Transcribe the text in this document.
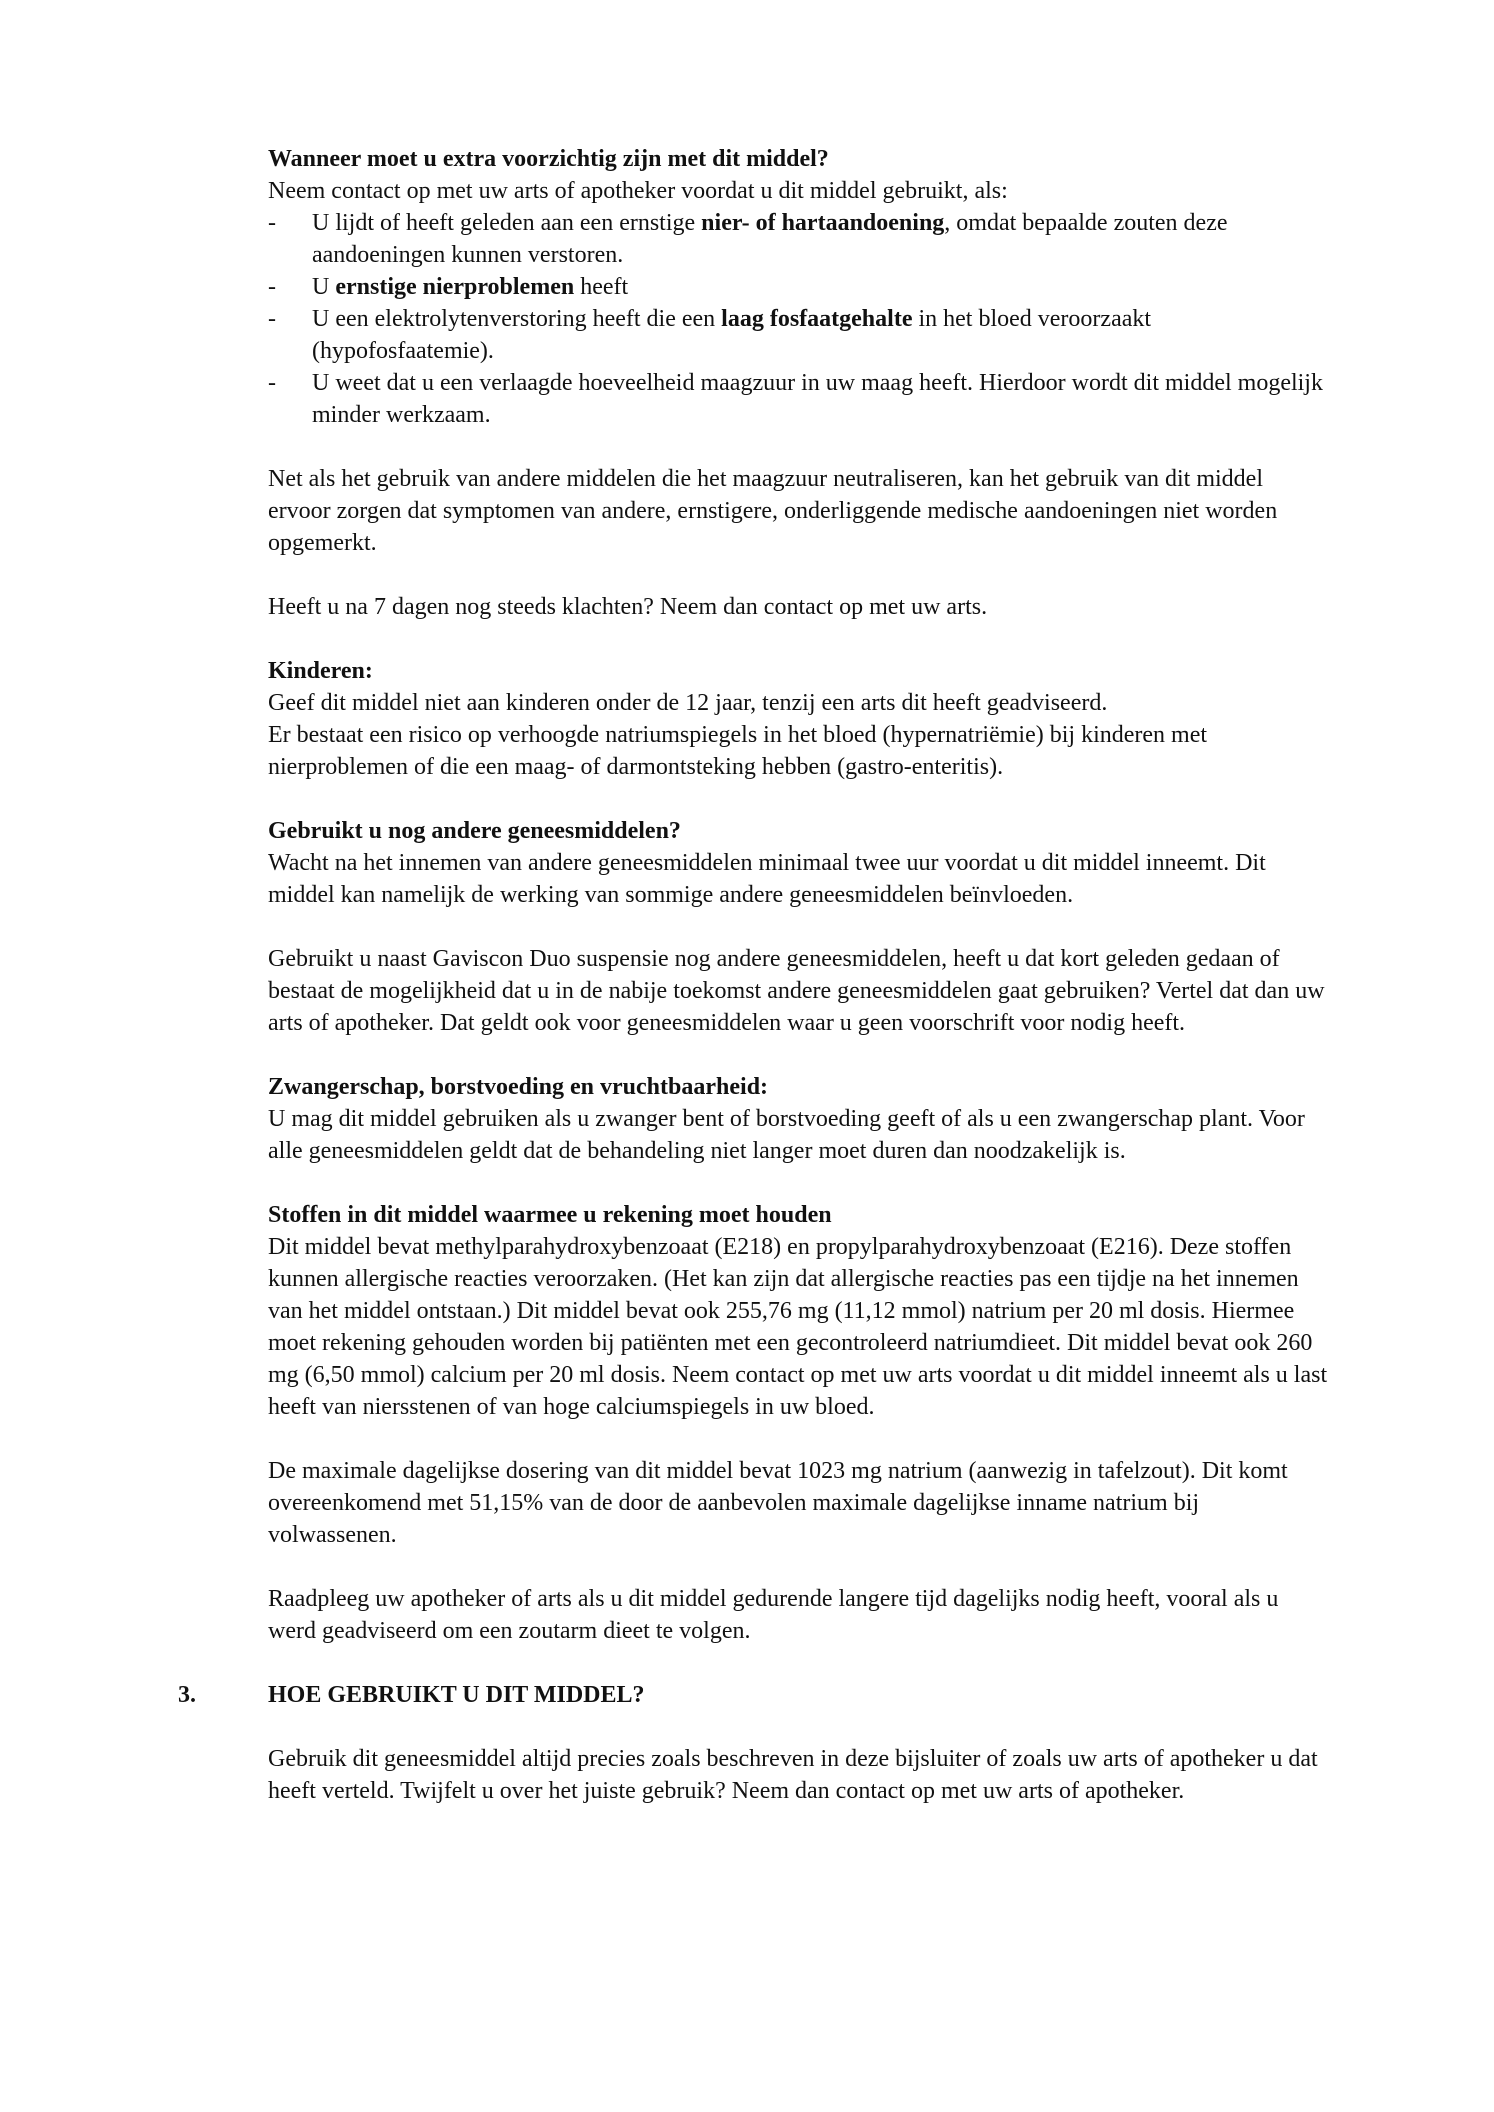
Wanneer moet u extra voorzichtig zijn met dit middel?

Neem contact op met uw arts of apotheker voordat u dit middel gebruikt, als:

- U lijdt of heeft geleden aan een ernstige nier- of hartaandoening, omdat bepaalde zouten deze aandoeningen kunnen verstoren.
- U ernstige nierproblemen heeft
- U een elektrolytenverstoring heeft die een laag fosfaatgehalte in het bloed veroorzaakt (hypofosfaatemie).
- U weet dat u een verlaagde hoeveelheid maagzuur in uw maag heeft. Hierdoor wordt dit middel mogelijk minder werkzaam.

Net als het gebruik van andere middelen die het maagzuur neutraliseren, kan het gebruik van dit middel ervoor zorgen dat symptomen van andere, ernstigere, onderliggende medische aandoeningen niet worden opgemerkt.

Heeft u na 7 dagen nog steeds klachten? Neem dan contact op met uw arts.

Kinderen:

Geef dit middel niet aan kinderen onder de 12 jaar, tenzij een arts dit heeft geadviseerd.

Er bestaat een risico op verhoogde natriumspiegels in het bloed (hypernatriëmie) bij kinderen met nierproblemen of die een maag- of darmontsteking hebben (gastro-enteritis).

Gebruikt u nog andere geneesmiddelen?

Wacht na het innemen van andere geneesmiddelen minimaal twee uur voordat u dit middel inneemt. Dit middel kan namelijk de werking van sommige andere geneesmiddelen beïnvloeden.

Gebruikt u naast Gaviscon Duo suspensie nog andere geneesmiddelen, heeft u dat kort geleden gedaan of bestaat de mogelijkheid dat u in de nabije toekomst andere geneesmiddelen gaat gebruiken? Vertel dat dan uw arts of apotheker. Dat geldt ook voor geneesmiddelen waar u geen voorschrift voor nodig heeft.

Zwangerschap, borstvoeding en vruchtbaarheid:

U mag dit middel gebruiken als u zwanger bent of borstvoeding geeft of als u een zwangerschap plant. Voor alle geneesmiddelen geldt dat de behandeling niet langer moet duren dan noodzakelijk is.

Stoffen in dit middel waarmee u rekening moet houden

Dit middel bevat methylparahydroxybenzoaat (E218) en propylparahydroxybenzoaat (E216). Deze stoffen kunnen allergische reacties veroorzaken. (Het kan zijn dat allergische reacties pas een tijdje na het innemen van het middel ontstaan.) Dit middel bevat ook 255,76 mg (11,12 mmol) natrium per 20 ml dosis. Hiermee moet rekening gehouden worden bij patiënten met een gecontroleerd natriumdieet. Dit middel bevat ook 260 mg (6,50 mmol) calcium per 20 ml dosis. Neem contact op met uw arts voordat u dit middel inneemt als u last heeft van niersstenen of van hoge calciumspiegels in uw bloed.

De maximale dagelijkse dosering van dit middel bevat 1023 mg natrium (aanwezig in tafelzout). Dit komt overeenkomend met 51,15% van de door de aanbevolen maximale dagelijkse inname natrium bij volwassenen.

Raadpleeg uw apotheker of arts als u dit middel gedurende langere tijd dagelijks nodig heeft, vooral als u werd geadviseerd om een zoutarm dieet te volgen.

3.	HOE GEBRUIKT U DIT MIDDEL?

Gebruik dit geneesmiddel altijd precies zoals beschreven in deze bijsluiter of zoals uw arts of apotheker u dat heeft verteld. Twijfelt u over het juiste gebruik? Neem dan contact op met uw arts of apotheker.
